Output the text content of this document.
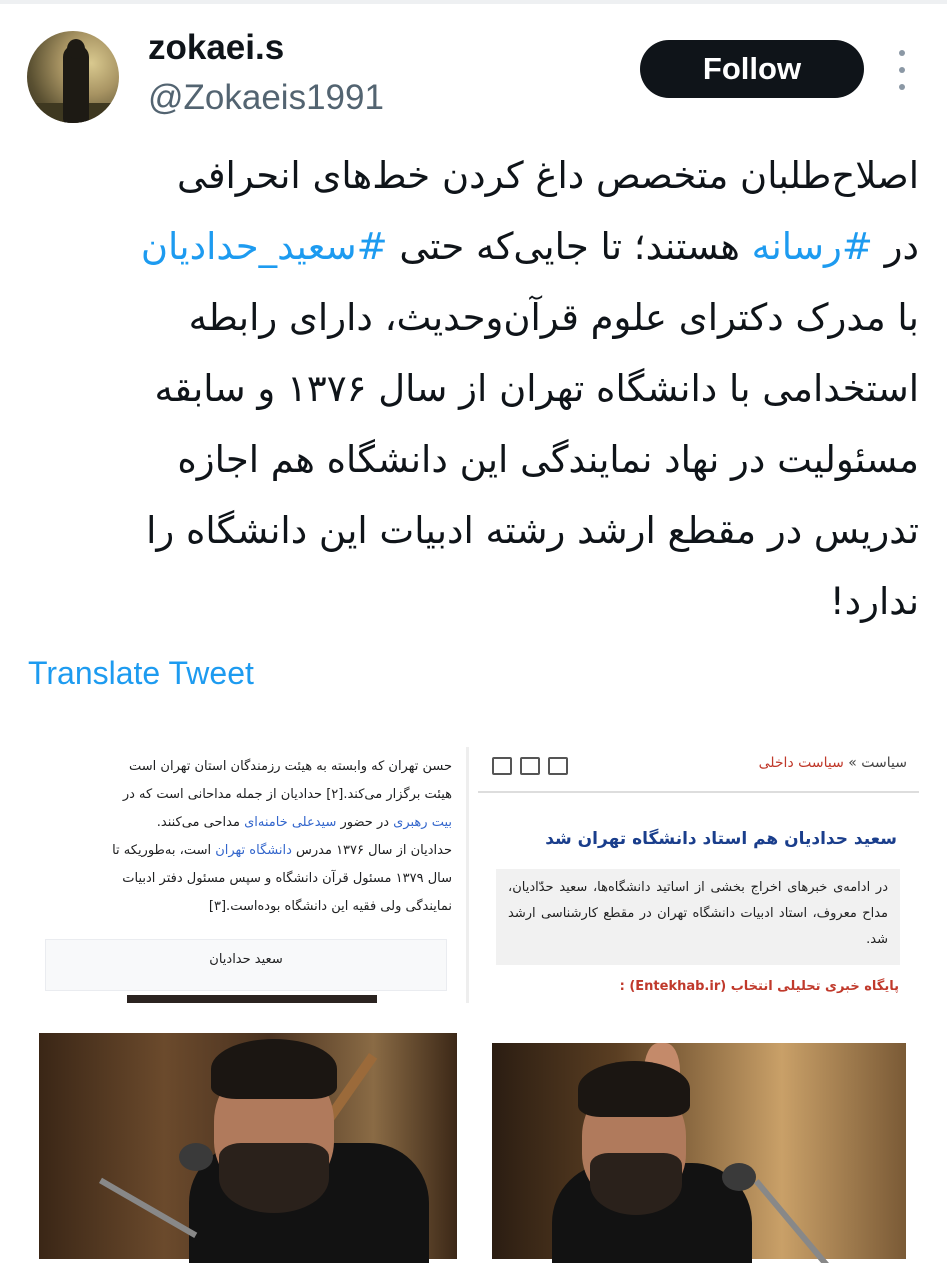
zokaei.s
@Zokaeis1991
Follow
اصلاح‌طلبان متخصص داغ کردن خط‌های انحرافی
در #رسانه هستند؛ تا جایی‌که حتی #سعید_حدادیان
با مدرک دکترای علوم قرآن‌وحدیث، دارای رابطه
استخدامی با دانشگاه تهران از سال ۱۳۷۶ و سابقه
مسئولیت در نهاد نمایندگی این دانشگاه هم اجازه
تدریس در مقطع ارشد رشته ادبیات این دانشگاه را
ندارد!
Translate Tweet
حسن تهران که وابسته به هیئت رزمندگان استان تهران است
هیئت برگزار می‌کند.[۲] حدادیان از جمله مداحانی است که در
بیت رهبری در حضور سیدعلی خامنه‌ای مداحی می‌کنند.
حدادیان از سال ۱۳۷۶ مدرس دانشگاه تهران است، به‌طوریکه تا
سال ۱۳۷۹ مسئول قرآن دانشگاه و سپس مسئول دفتر ادبیات
نمایندگی ولی فقیه این دانشگاه بوده‌است.[۳]
سعید حدادیان
سیاست » سیاست داخلی
سعید حدادیان هم استاد دانشگاه تهران شد
در ادامه‌ی خبرهای اخراج بخشی از اساتید دانشگاه‌ها، سعید حدّادیان، مداح معروف، استاد ادبیات دانشگاه تهران در مقطع کارشناسی ارشد شد.
پایگاه خبری تحلیلی انتخاب (Entekhab.ir) :
